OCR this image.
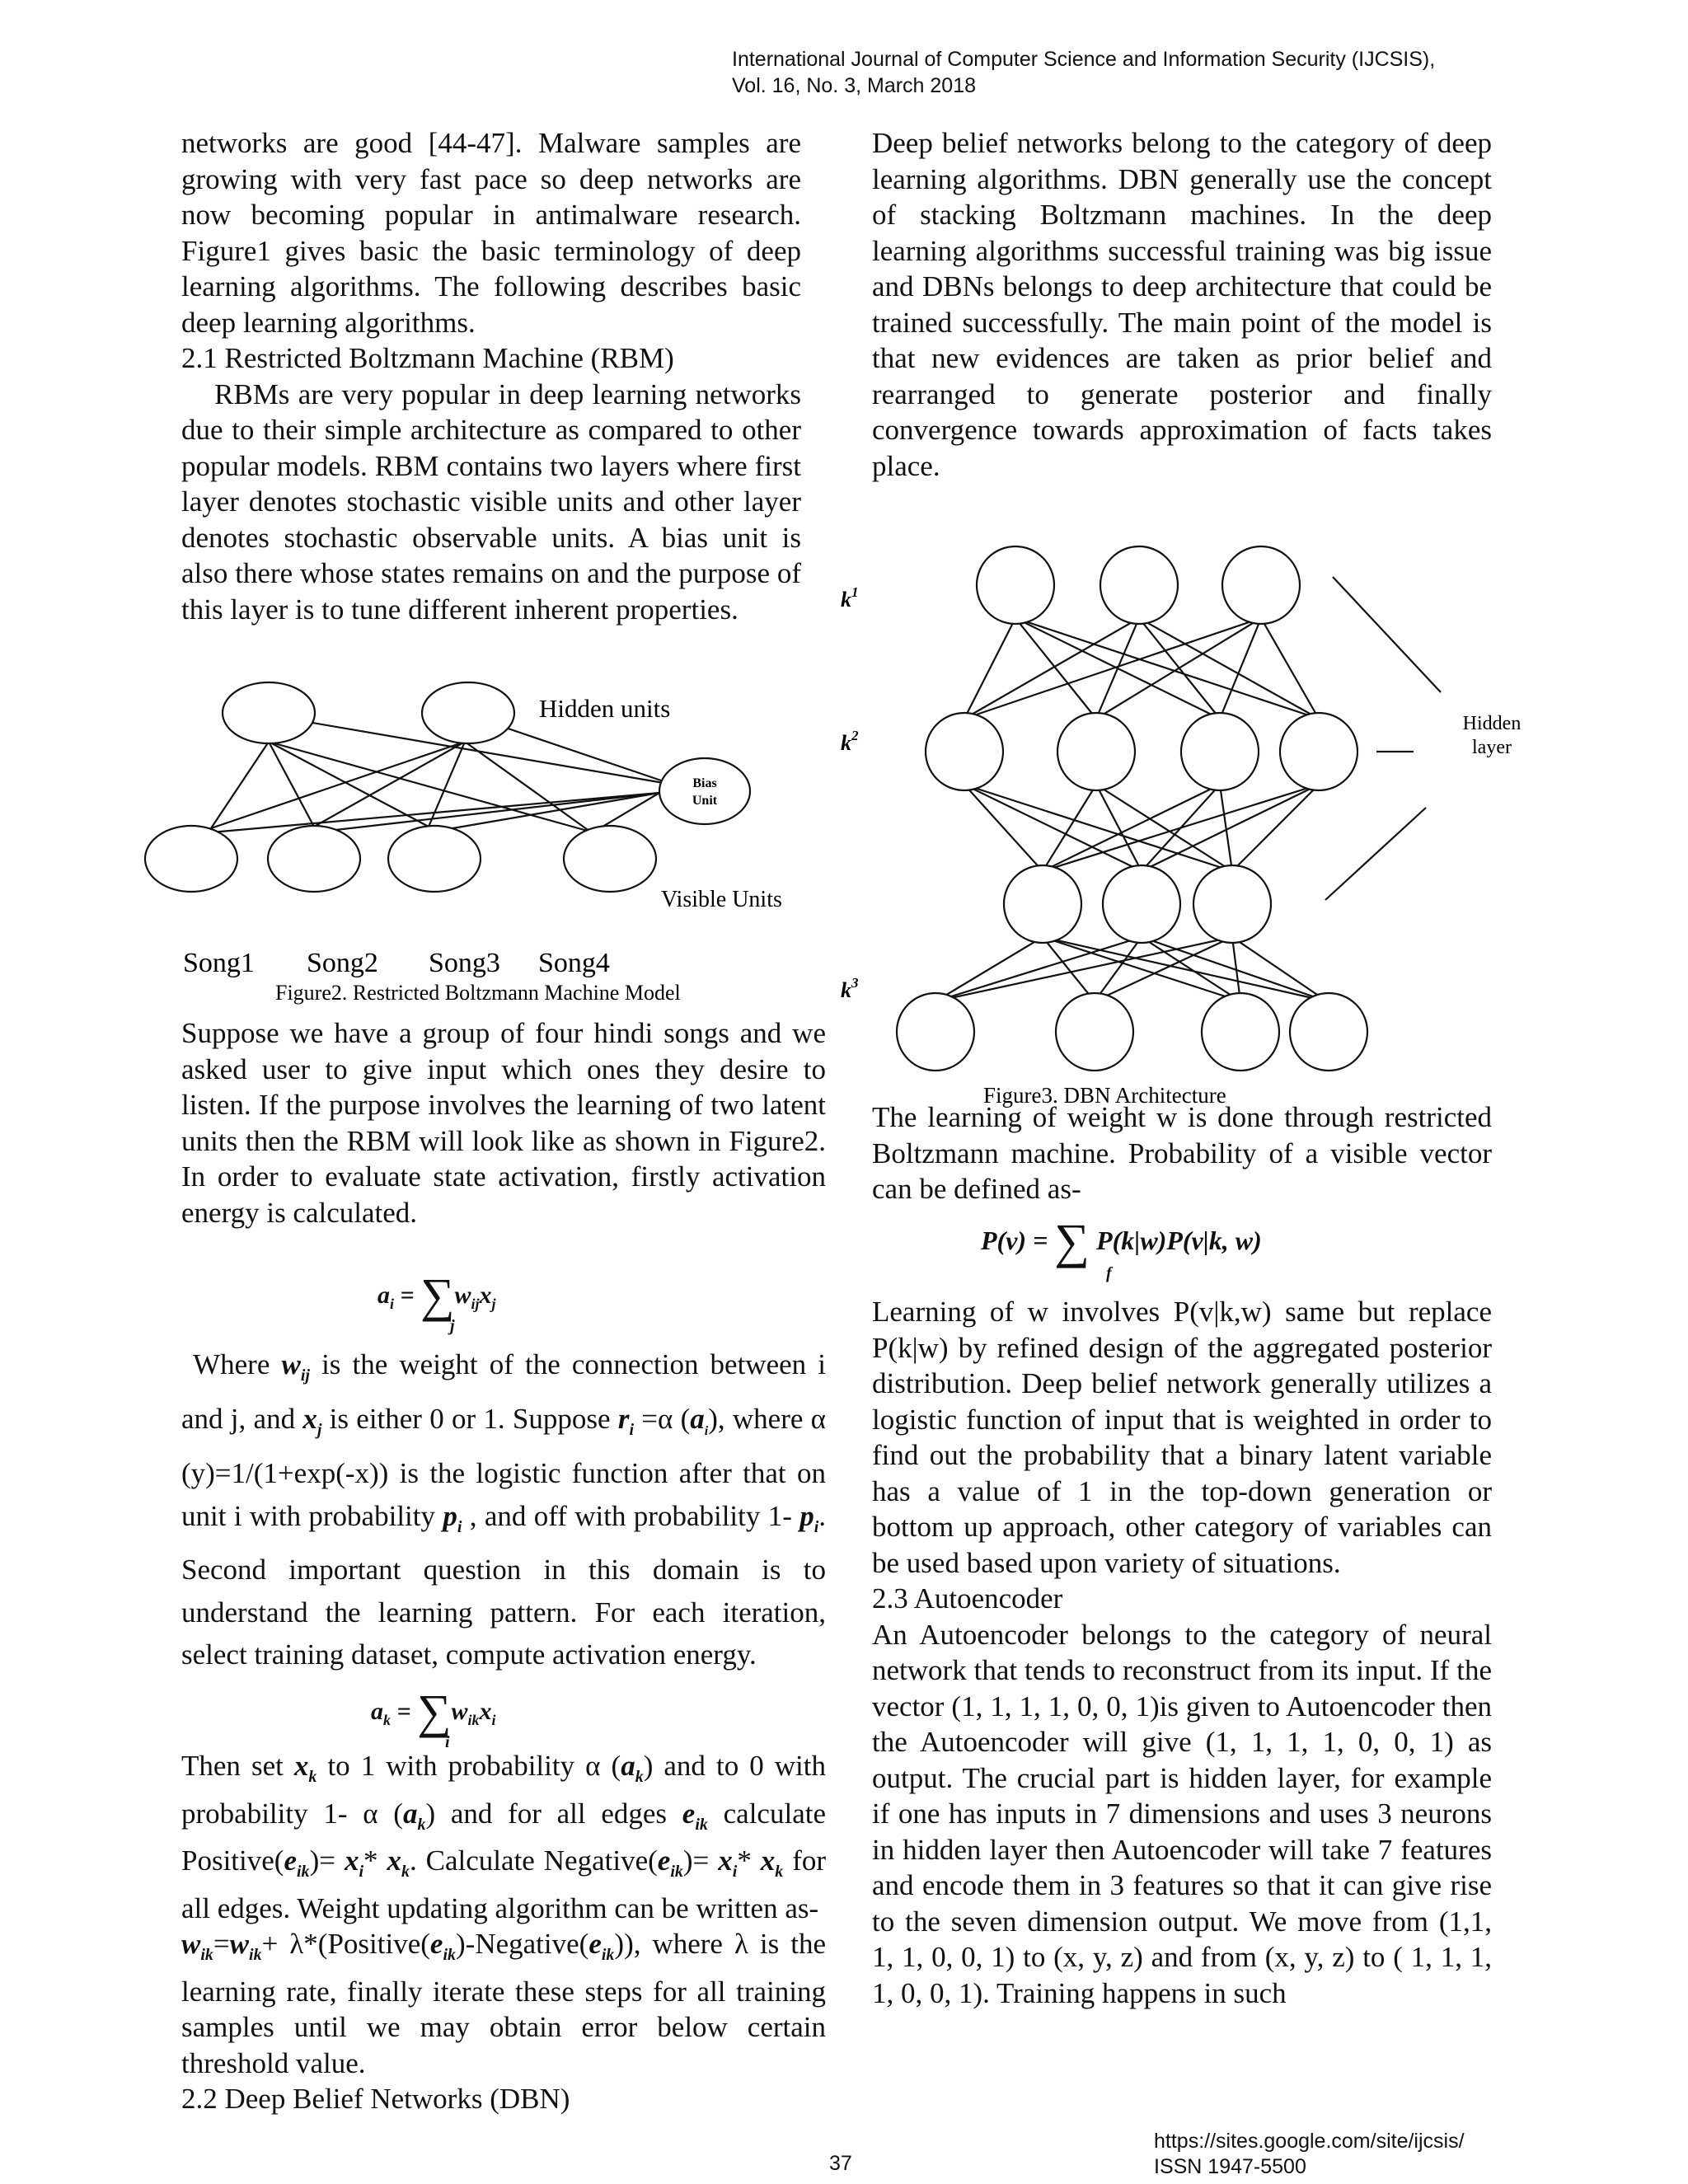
International Journal of Computer Science and Information Security (IJCSIS),
Vol. 16, No. 3, March 2018

networks are good [44-47]. Malware samples are growing with very fast pace so deep networks are now becoming popular in antimalware research. Figure1 gives basic the basic terminology of deep learning algorithms. The following describes basic deep learning algorithms.

2.1 Restricted Boltzmann Machine (RBM)

RBMs are very popular in deep learning networks due to their simple architecture as compared to other popular models. RBM contains two layers where first layer denotes stochastic visible units and other layer denotes stochastic observable units. A bias unit is also there whose states remains on and the purpose of this layer is to tune different inherent properties.

Hidden units
Bias
Unit
Visible Units
Song1 Song2 Song3 Song4
Figure2. Restricted Boltzmann Machine Model

Suppose we have a group of four hindi songs and we asked user to give input which ones they desire to listen. If the purpose involves the learning of two latent units then the RBM will look like as shown in Figure2. In order to evaluate state activation, firstly activation energy is calculated.

$a_i = \sum w_{ij}x_j$
j

Where $w_{ij}$ is the weight of the connection between i and j, and $x_j$ is either 0 or 1. Suppose $r_i =\alpha$ $(a_i)$, where α (y)=1/(1+exp(-x)) is the logistic function after that on unit i with probability $p_i$ , and off with probability 1- $p_i$. Second important question in this domain is to understand the learning pattern. For each iteration, select training dataset, compute activation energy.

$a_k = \sum w_{ik}x_i$
i

Then set $x_k$ to 1 with probability α $(a_k)$ and to 0 with probability 1- α $(a_k)$ and for all edges $e_{ik}$ calculate $Positive(e_{ik})= x_i*$ $x_k$. Calculate $Negative(e_{ik})= x_i*$ $x_k$ for all edges. Weight updating algorithm can be written as-

$w_{ik}=w_{ik}+$ $\lambda*(Positive(e_{ik})-Negative(e_{ik}))$, where λ is the learning rate, finally iterate these steps for all training samples until we may obtain error below certain threshold value.

2.2 Deep Belief Networks (DBN)

Deep belief networks belong to the category of deep learning algorithms. DBN generally use the concept of stacking Boltzmann machines. In the deep learning algorithms successful training was big issue and DBNs belongs to deep architecture that could be trained successfully. The main point of the model is that new evidences are taken as prior belief and rearranged to generate posterior and finally convergence towards approximation of facts takes place.

$k^1$
$k^2$
$k^3$
Hidden
layer
Figure3. DBN Architecture

The learning of weight w is done through restricted Boltzmann machine. Probability of a visible vector can be defined as-

P(v) = ∑ P(k|w)P(v|k, w)
f

Learning of w involves P(v|k,w) same but replace P(k|w) by refined design of the aggregated posterior distribution. Deep belief network generally utilizes a logistic function of input that is weighted in order to find out the probability that a binary latent variable has a value of 1 in the top-down generation or bottom up approach, other category of variables can be used based upon variety of situations.

2.3 Autoencoder

An Autoencoder belongs to the category of neural network that tends to reconstruct from its input. If the vector (1, 1, 1, 1, 0, 0, 1)is given to Autoencoder then the Autoencoder will give (1, 1, 1, 1, 0, 0, 1) as output. The crucial part is hidden layer, for example if one has inputs in 7 dimensions and uses 3 neurons in hidden layer then Autoencoder will take 7 features and encode them in 3 features so that it can give rise to the seven dimension output. We move from (1,1, 1, 1, 0, 0, 1) to (x, y, z) and from (x, y, z) to ( 1, 1, 1, 1, 0, 0, 1). Training happens in such

37
https://sites.google.com/site/ijcsis/
ISSN 1947-5500
